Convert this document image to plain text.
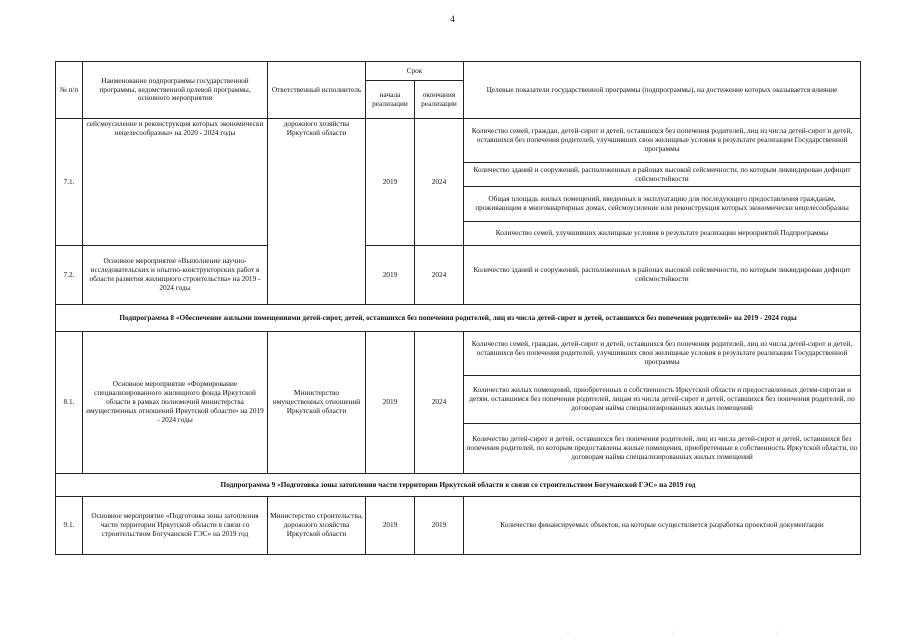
4
№ п/п	Наименование подпрограммы государственной программы, ведомственной целевой программы, основного мероприятия	Ответственный исполнитель	Срок		Целевые показатели государственной программы (подпрограммы), на достижение которых оказывается влияние
			начала реализации	окончания реализации	
7.1.	сейсмоусиление и реконструкция которых экономически нецелесообразны» на 2020 - 2024 годы	дорожного хозяйства Иркутской области	2019	2024	Количество семей, граждан, детей-сирот и детей, оставшихся без попечения родителей, лиц из числа детей-сирот и детей, оставшихся без попечения родителей, улучшивших свои жилищные условия в результате реализации Государственной программы
					Количество зданий и сооружений, расположенных в районах высокой сейсмичности, по которым ликвидирован дефицит сейсмостойкости
					Общая площадь жилых помещений, введенных в эксплуатацию для последующего предоставления гражданам, проживающим в многоквартирных домах, сейсмоусиление или реконструкция которых экономически нецелесообразны
					Количество семей, улучшивших жилищные условия в результате реализации мероприятий Подпрограммы
7.2.	Основное мероприятие «Выполнение научно-исследовательских и опытно-конструкторских работ в области развития жилищного строительства» на 2019 - 2024 годы		2019	2024	Количество зданий и сооружений, расположенных в районах высокой сейсмичности, по которым ликвидирован дефицит сейсмостойкости
Подпрограмма 8 «Обеспечение жилыми помещениями детей-сирот, детей, оставшихся без попечения родителей, лиц из числа детей-сирот и детей, оставшихся без попечения родителей» на 2019 - 2024 годы					
8.1.	Основное мероприятие «Формирование специализированного жилищного фонда Иркутской области в рамках полномочий министерства имущественных отношений Иркутской области» на 2019 - 2024 годы	Министерство имущественных отношений Иркутской области	2019	2024	Количество семей, граждан, детей-сирот и детей, оставшихся без попечения родителей, лиц из числа детей-сирот и детей, оставшихся без попечения родителей, улучшивших свои жилищные условия в результате реализации Государственной программы
					Количество жилых помещений, приобретенных в собственность Иркутской области и предоставленных детям-сиротам и детям, оставшимся без попечения родителей, лицам из числа детей-сирот и детей, оставшихся без попечения родителей, по договорам найма специализированных жилых помещений
					Количество детей-сирот и детей, оставшихся без попечения родителей, лиц из числа детей-сирот и детей, оставшихся без попечения родителей, по которым предоставлены жилые помещения, приобретенные в собственность Иркутской области, по договорам найма специализированных жилых помещений
Подпрограмма 9 «Подготовка зоны затопления части территории Иркутской области в связи со строительством Богучанской ГЭС» на 2019 год					
9.1.	Основное мероприятие «Подготовка зоны затопления части территории Иркутской области в связи со строительством Богучанской ГЭС» на 2019 год	Министерство строительства, дорожного хозяйства Иркутской области	2019	2019	Количество финансируемых объектов, на которые осуществляется разработка проектной документации
·	·	·
